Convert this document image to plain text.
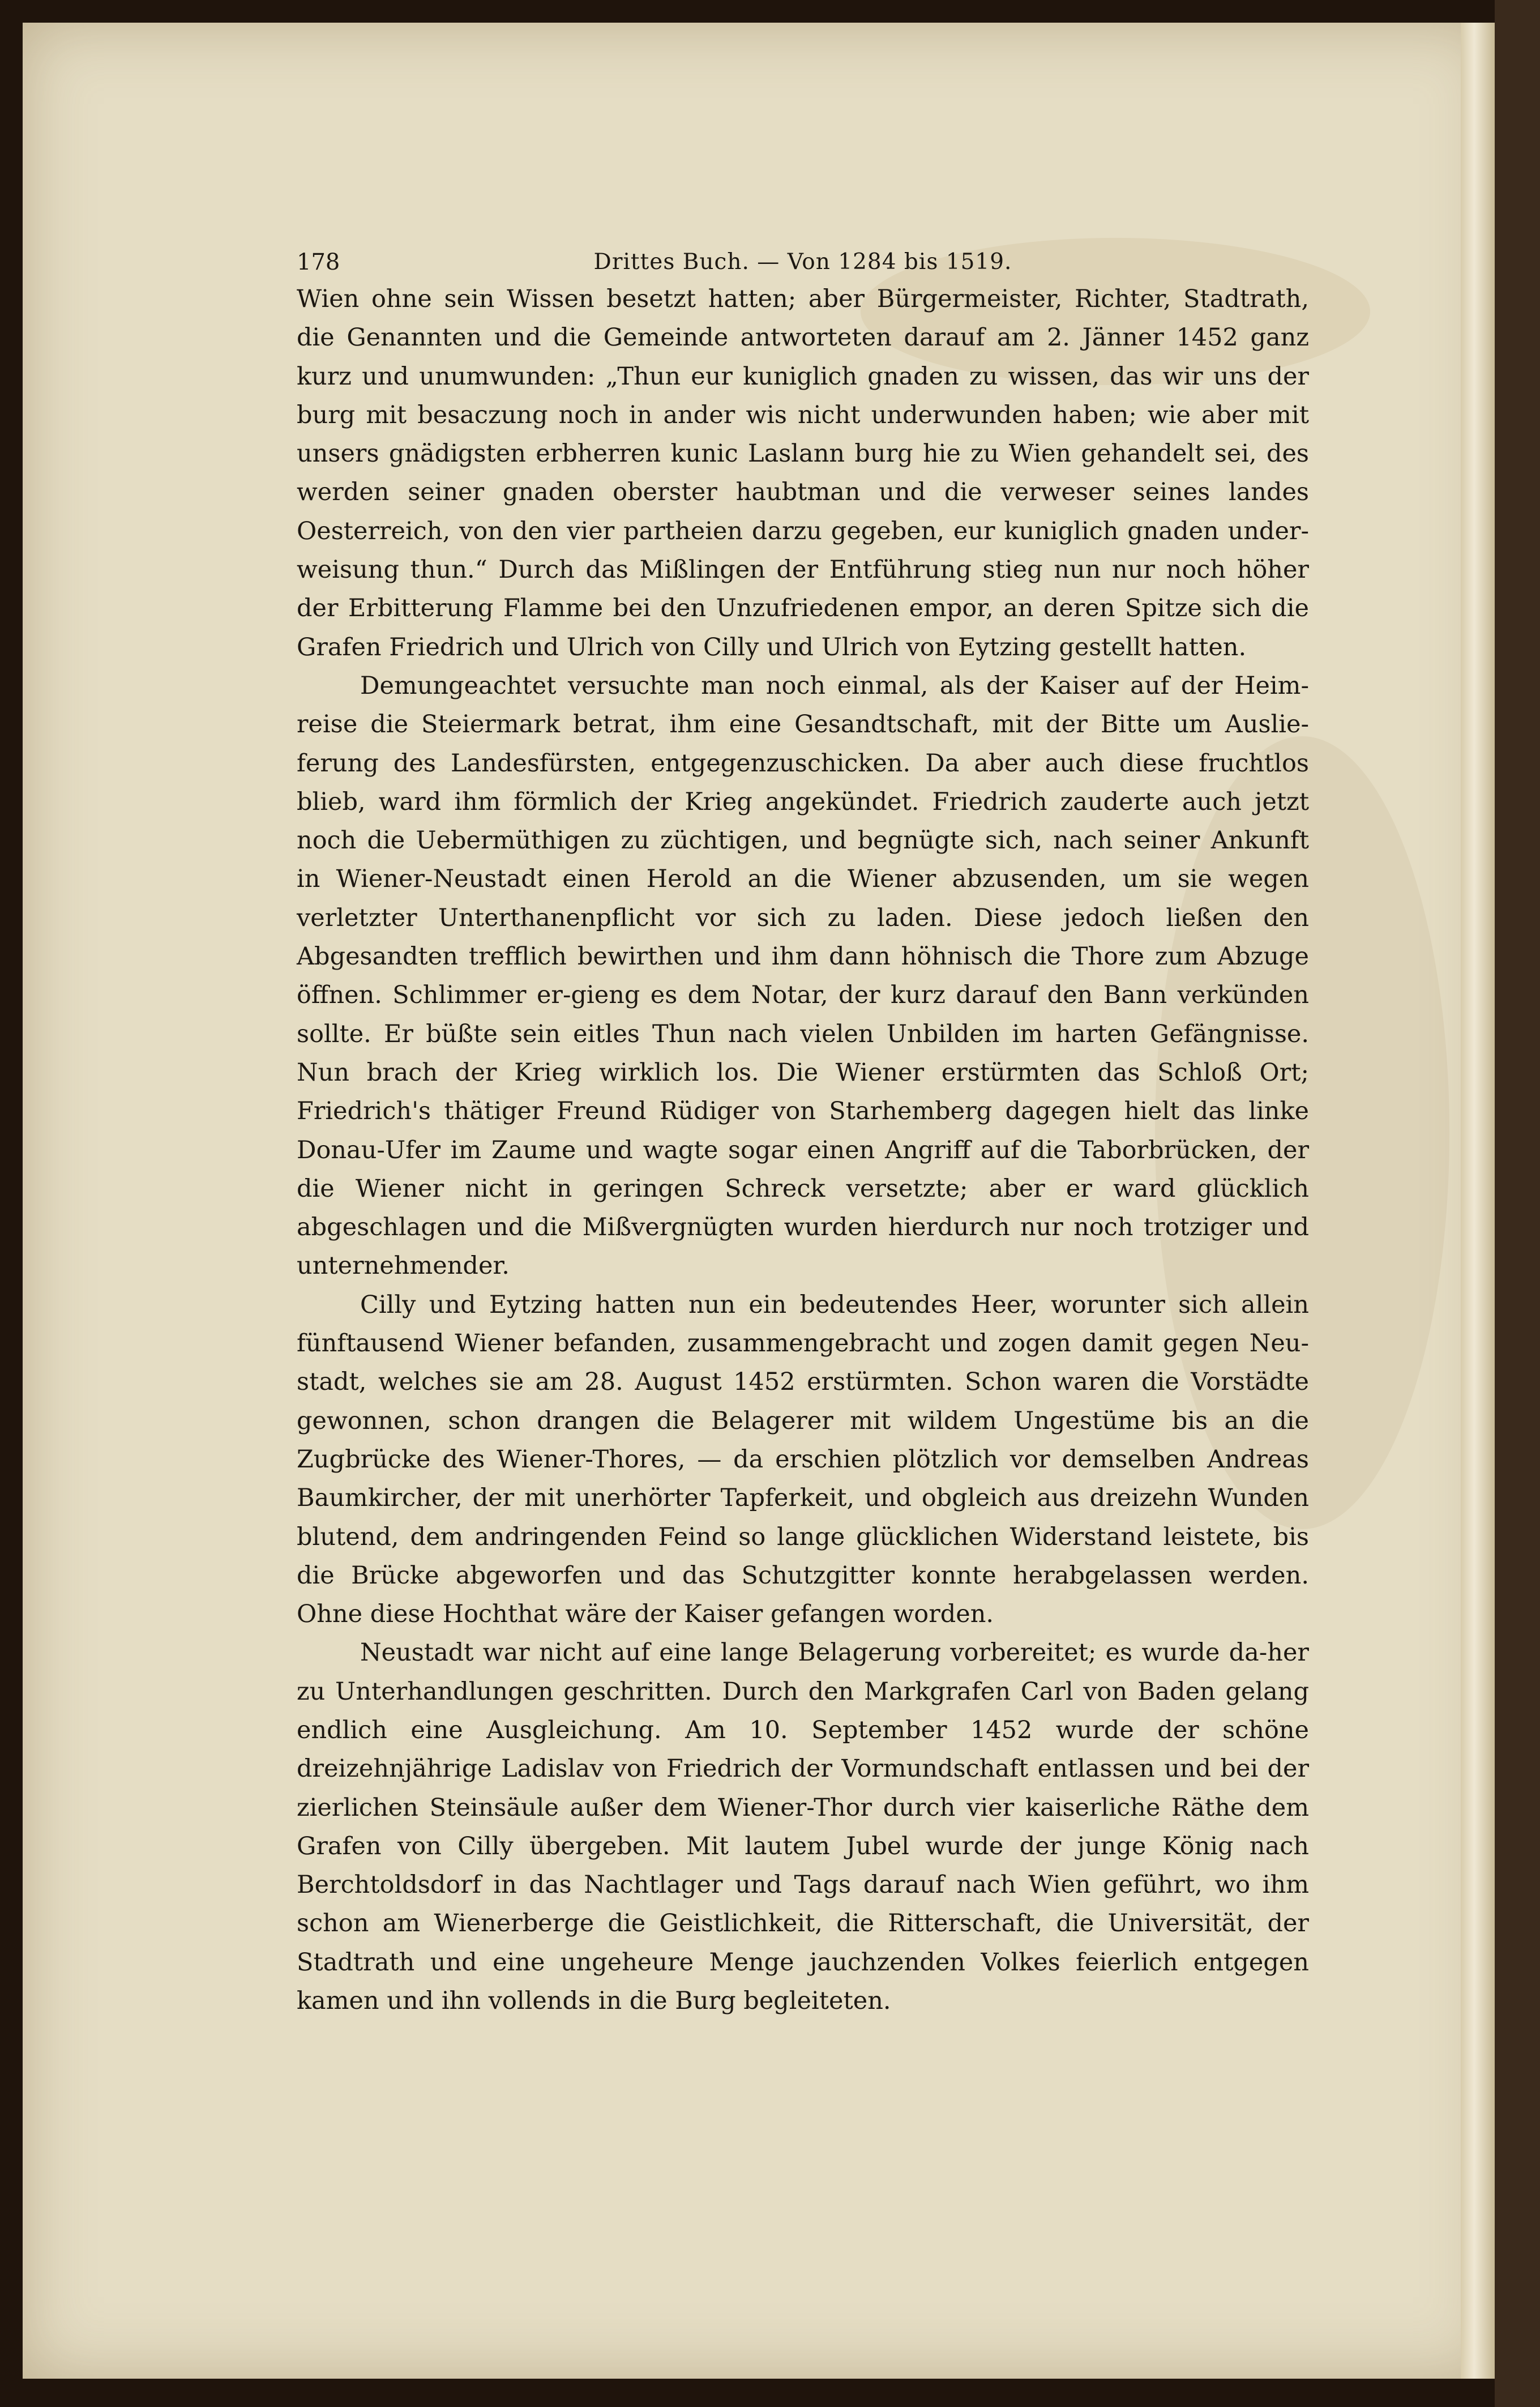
178	Drittes Buch. — Von 1284 bis 1519.

Wien ohne sein Wissen besetzt hatten; aber Bürgermeister, Richter, Stadtrath, die Genannten und die Gemeinde antworteten darauf am 2. Jänner 1452 ganz kurz und unumwunden: „Thun eur kuniglich gnaden zu wissen, das wir uns der burg mit besaczung noch in ander wis nicht underwunden haben; wie aber mit unsers gnädigsten erbherren kunic Laslann burg hie zu Wien gehandelt sei, des werden seiner gnaden oberster haubtman und die verweser seines landes Oesterreich, von den vier partheien darzu gegeben, eur kuniglich gnaden under-weisung thun.“ Durch das Mißlingen der Entführung stieg nun nur noch höher der Erbitterung Flamme bei den Unzufriedenen empor, an deren Spitze sich die Grafen Friedrich und Ulrich von Cilly und Ulrich von Eytzing gestellt hatten.

Demungeachtet versuchte man noch einmal, als der Kaiser auf der Heim-reise die Steiermark betrat, ihm eine Gesandtschaft, mit der Bitte um Auslie-ferung des Landesfürsten, entgegenzuschicken. Da aber auch diese fruchtlos blieb, ward ihm förmlich der Krieg angekündet. Friedrich zauderte auch jetzt noch die Uebermüthigen zu züchtigen, und begnügte sich, nach seiner Ankunft in Wiener-Neustadt einen Herold an die Wiener abzusenden, um sie wegen verletzter Unterthanenpflicht vor sich zu laden. Diese jedoch ließen den Abgesandten trefflich bewirthen und ihm dann höhnisch die Thore zum Abzuge öffnen. Schlimmer er-gieng es dem Notar, der kurz darauf den Bann verkünden sollte. Er büßte sein eitles Thun nach vielen Unbilden im harten Gefängnisse. Nun brach der Krieg wirklich los. Die Wiener erstürmten das Schloß Ort; Friedrich's thätiger Freund Rüdiger von Starhemberg dagegen hielt das linke Donau-Ufer im Zaume und wagte sogar einen Angriff auf die Taborbrücken, der die Wiener nicht in geringen Schreck versetzte; aber er ward glücklich abgeschlagen und die Mißvergnügten wurden hierdurch nur noch trotziger und unternehmender.

Cilly und Eytzing hatten nun ein bedeutendes Heer, worunter sich allein fünftausend Wiener befanden, zusammengebracht und zogen damit gegen Neu-stadt, welches sie am 28. August 1452 erstürmten. Schon waren die Vorstädte gewonnen, schon drangen die Belagerer mit wildem Ungestüme bis an die Zugbrücke des Wiener-Thores, — da erschien plötzlich vor demselben Andreas Baumkircher, der mit unerhörter Tapferkeit, und obgleich aus dreizehn Wunden blutend, dem andringenden Feind so lange glücklichen Widerstand leistete, bis die Brücke abgeworfen und das Schutzgitter konnte herabgelassen werden. Ohne diese Hochthat wäre der Kaiser gefangen worden.

Neustadt war nicht auf eine lange Belagerung vorbereitet; es wurde da-her zu Unterhandlungen geschritten. Durch den Markgrafen Carl von Baden gelang endlich eine Ausgleichung. Am 10. September 1452 wurde der schöne dreizehnjährige Ladislav von Friedrich der Vormundschaft entlassen und bei der zierlichen Steinsäule außer dem Wiener-Thor durch vier kaiserliche Räthe dem Grafen von Cilly übergeben. Mit lautem Jubel wurde der junge König nach Berchtoldsdorf in das Nachtlager und Tags darauf nach Wien geführt, wo ihm schon am Wienerberge die Geistlichkeit, die Ritterschaft, die Universität, der Stadtrath und eine ungeheure Menge jauchzenden Volkes feierlich entgegen kamen und ihn vollends in die Burg begleiteten.
